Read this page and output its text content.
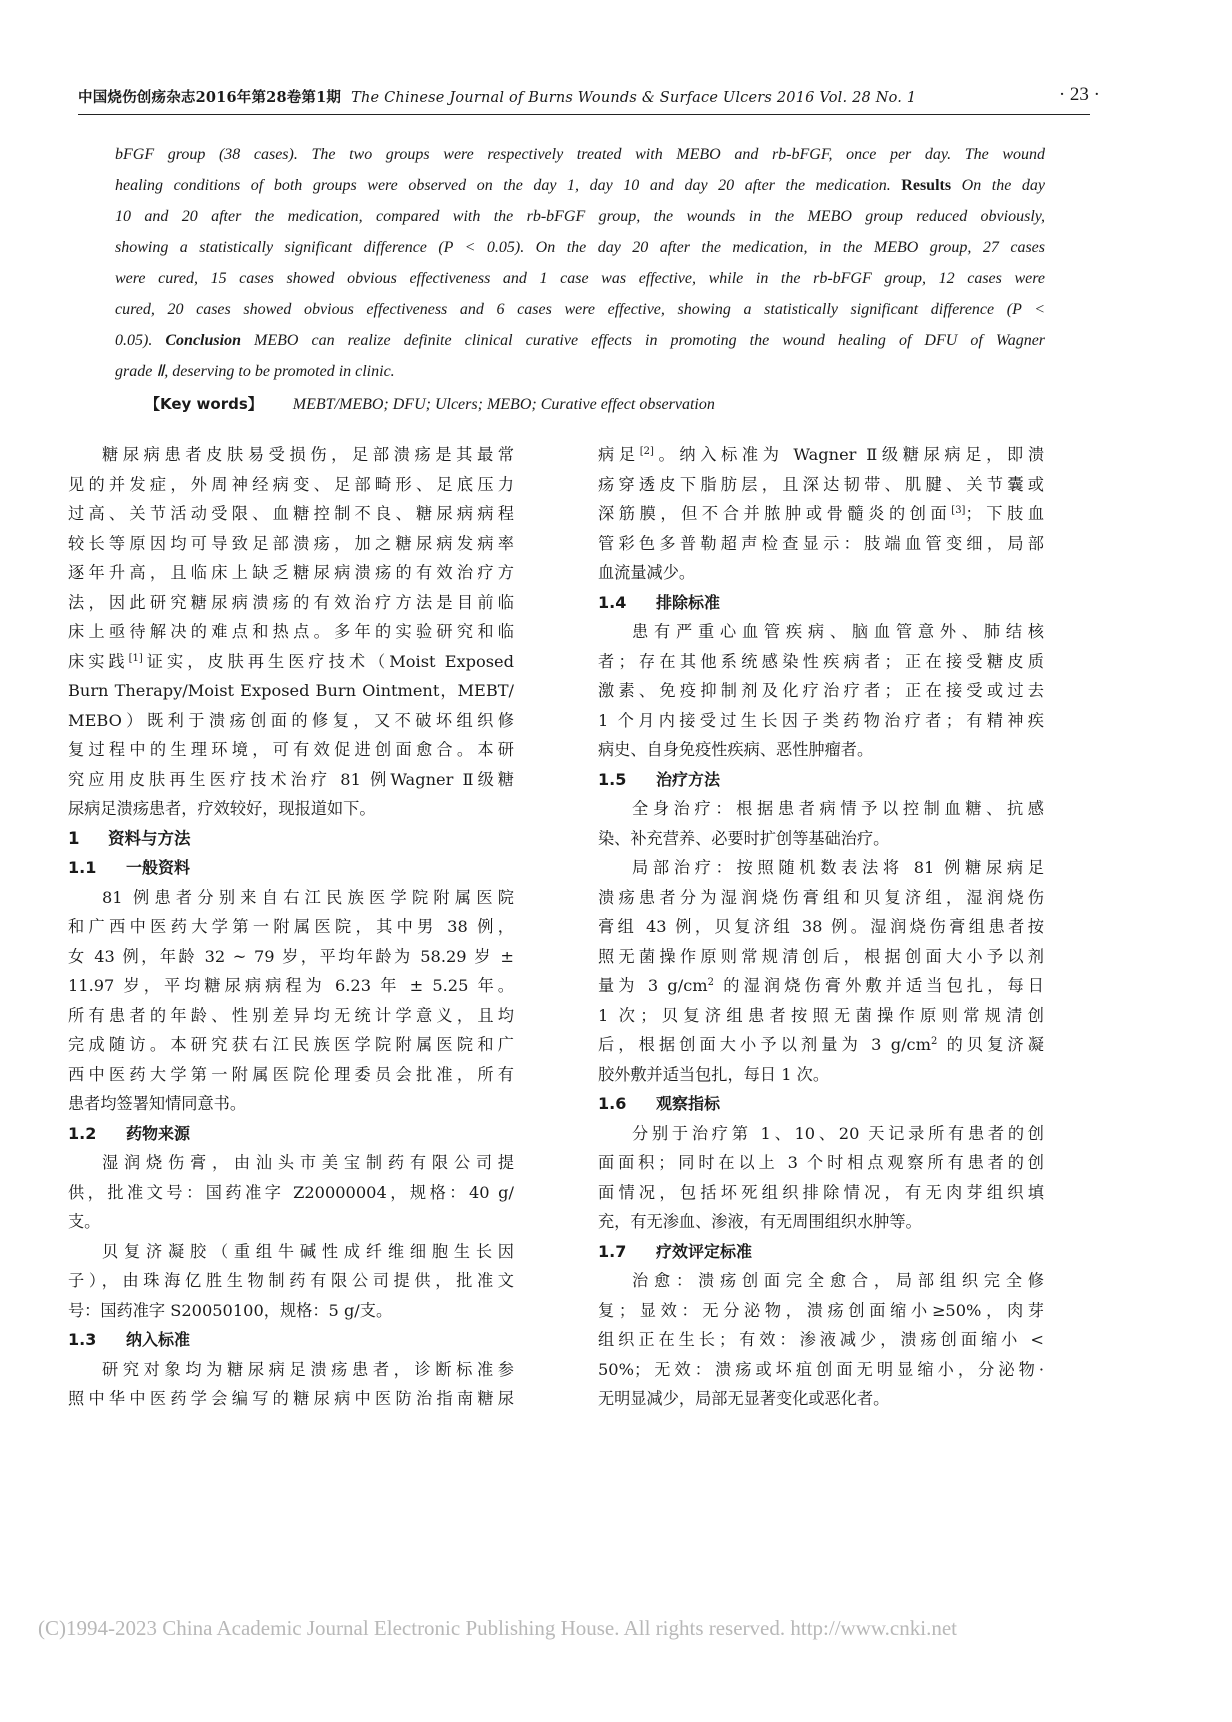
中国烧伤创疡杂志2016年第28卷第1期 The Chinese Journal of Burns Wounds & Surface Ulcers 2016 Vol. 28 No. 1	· 23 ·
bFGF group (38 cases). The two groups were respectively treated with MEBO and rb-bFGF, once per day. The wound
healing conditions of both groups were observed on the day 1, day 10 and day 20 after the medication. Results On the day
10 and 20 after the medication, compared with the rb-bFGF group, the wounds in the MEBO group reduced obviously,
showing a statistically significant difference (P < 0.05). On the day 20 after the medication, in the MEBO group, 27 cases
were cured, 15 cases showed obvious effectiveness and 1 case was effective, while in the rb-bFGF group, 12 cases were
cured, 20 cases showed obvious effectiveness and 6 cases were effective, showing a statistically significant difference (P <
0.05). Conclusion MEBO can realize definite clinical curative effects in promoting the wound healing of DFU of Wagner
grade Ⅱ, deserving to be promoted in clinic.
【Key words】 MEBT/MEBO; DFU; Ulcers; MEBO; Curative effect observation
糖尿病患者皮肤易受损伤，足部溃疡是其最常
见的并发症，外周神经病变、足部畸形、足底压力
过高、关节活动受限、血糖控制不良、糖尿病病程
较长等原因均可导致足部溃疡，加之糖尿病发病率
逐年升高，且临床上缺乏糖尿病溃疡的有效治疗方
法，因此研究糖尿病溃疡的有效治疗方法是目前临
床上亟待解决的难点和热点。多年的实验研究和临
床实践[1]证实，皮肤再生医疗技术（Moist Exposed
Burn Therapy/Moist Exposed Burn Ointment，MEBT/
MEBO）既利于溃疡创面的修复，又不破坏组织修
复过程中的生理环境，可有效促进创面愈合。本研
究应用皮肤再生医疗技术治疗 81 例Wagner Ⅱ级糖
尿病足溃疡患者，疗效较好，现报道如下。
1 资料与方法
1.1 一般资料
81 例患者分别来自右江民族医学院附属医院
和广西中医药大学第一附属医院，其中男 38 例，
女 43 例，年龄 32 ~ 79 岁，平均年龄为 58.29 岁 ±
11.97 岁，平均糖尿病病程为 6.23 年 ± 5.25 年。
所有患者的年龄、性别差异均无统计学意义，且均
完成随访。本研究获右江民族医学院附属医院和广
西中医药大学第一附属医院伦理委员会批准，所有
患者均签署知情同意书。
1.2 药物来源
湿润烧伤膏，由汕头市美宝制药有限公司提
供，批准文号：国药准字 Z20000004，规格：40 g/
支。
贝复济凝胶（重组牛碱性成纤维细胞生长因
子），由珠海亿胜生物制药有限公司提供，批准文
号：国药准字 S20050100，规格：5 g/支。
1.3 纳入标准
研究对象均为糖尿病足溃疡患者，诊断标准参
照中华中医药学会编写的糖尿病中医防治指南糖尿
病足[2]。纳入标准为 Wagner Ⅱ级糖尿病足，即溃
疡穿透皮下脂肪层，且深达韧带、肌腱、关节囊或
深筋膜，但不合并脓肿或骨髓炎的创面[3]；下肢血
管彩色多普勒超声检查显示：肢端血管变细，局部
血流量减少。
1.4 排除标准
患有严重心血管疾病、脑血管意外、肺结核
者；存在其他系统感染性疾病者；正在接受糖皮质
激素、免疫抑制剂及化疗治疗者；正在接受或过去
1 个月内接受过生长因子类药物治疗者；有精神疾
病史、自身免疫性疾病、恶性肿瘤者。
1.5 治疗方法
全身治疗：根据患者病情予以控制血糖、抗感
染、补充营养、必要时扩创等基础治疗。
局部治疗：按照随机数表法将 81 例糖尿病足
溃疡患者分为湿润烧伤膏组和贝复济组，湿润烧伤
膏组 43 例，贝复济组 38 例。湿润烧伤膏组患者按
照无菌操作原则常规清创后，根据创面大小予以剂
量为 3 $g/cm^2$ 的湿润烧伤膏外敷并适当包扎，每日
1 次；贝复济组患者按照无菌操作原则常规清创
后，根据创面大小予以剂量为 3 $g/cm^2$ 的贝复济凝
胶外敷并适当包扎，每日 1 次。
1.6 观察指标
分别于治疗第 1、10、20 天记录所有患者的创
面面积；同时在以上 3 个时相点观察所有患者的创
面情况，包括坏死组织排除情况，有无肉芽组织填
充，有无渗血、渗液，有无周围组织水肿等。
1.7 疗效评定标准
治愈：溃疡创面完全愈合，局部组织完全修
复；显效：无分泌物，溃疡创面缩小≥50%，肉芽
组织正在生长；有效：渗液减少，溃疡创面缩小 <
50%；无效：溃疡或坏疽创面无明显缩小，分泌物·
无明显减少，局部无显著变化或恶化者。
(C)1994-2023 China Academic Journal Electronic Publishing House. All rights reserved. http://www.cnki.net
